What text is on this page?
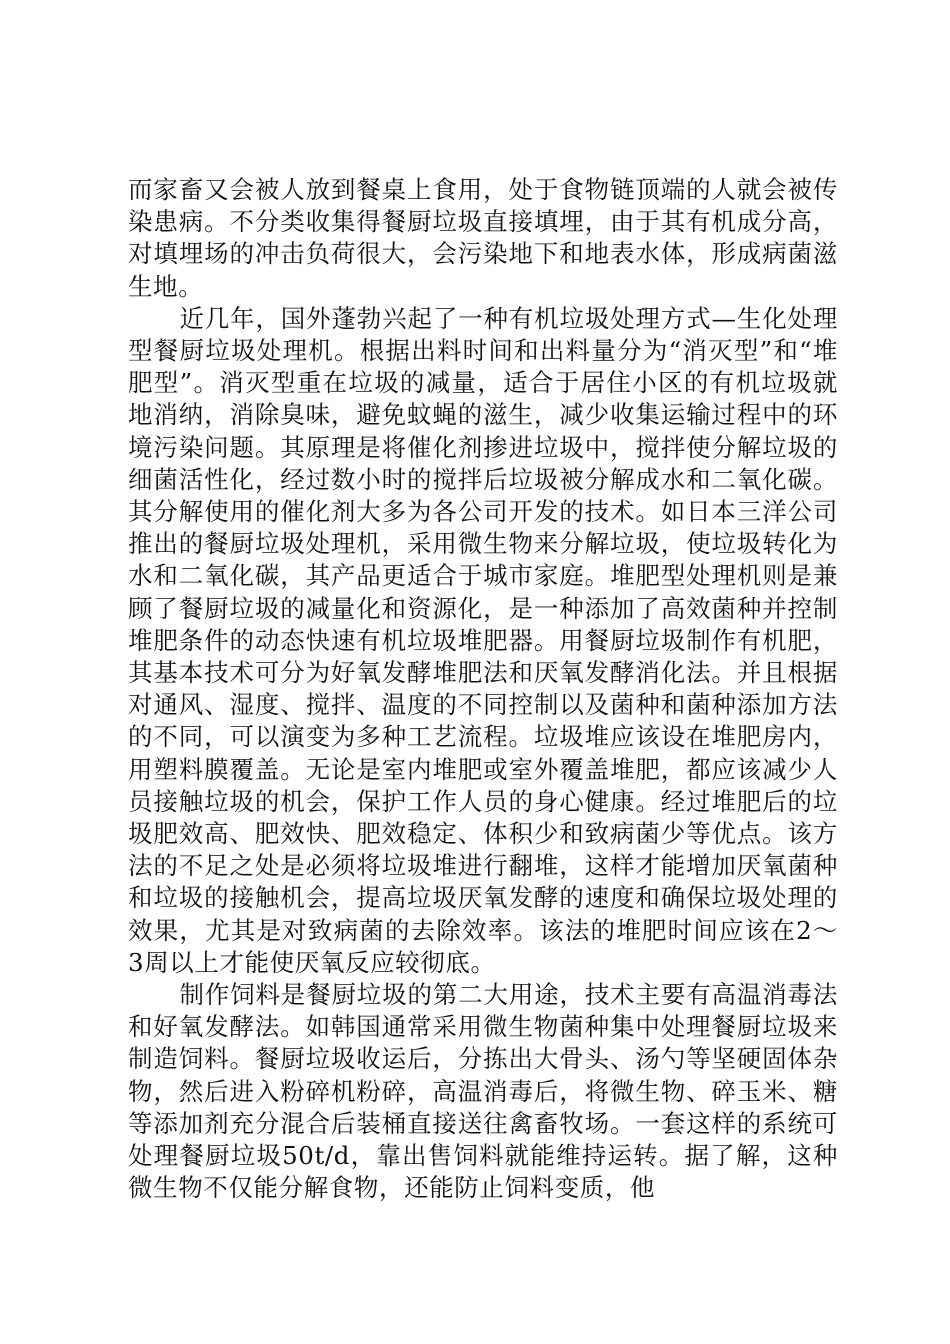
而家畜又会被人放到餐桌上食用，处于食物链顶端的人就会被传染患病。不分类收集得餐厨垃圾直接填埋，由于其有机成分高，对填埋场的冲击负荷很大，会污染地下和地表水体，形成病菌滋生地。

近几年，国外蓬勃兴起了一种有机垃圾处理方式—生化处理型餐厨垃圾处理机。根据出料时间和出料量分为“消灭型”和“堆肥型”。消灭型重在垃圾的减量，适合于居住小区的有机垃圾就地消纳，消除臭味，避免蚊蝇的滋生，减少收集运输过程中的环境污染问题。其原理是将催化剂掺进垃圾中，搅拌使分解垃圾的细菌活性化，经过数小时的搅拌后垃圾被分解成水和二氧化碳。其分解使用的催化剂大多为各公司开发的技术。如日本三洋公司推出的餐厨垃圾处理机，采用微生物来分解垃圾，使垃圾转化为水和二氧化碳，其产品更适合于城市家庭。堆肥型处理机则是兼顾了餐厨垃圾的减量化和资源化，是一种添加了高效菌种并控制堆肥条件的动态快速有机垃圾堆肥器。用餐厨垃圾制作有机肥，其基本技术可分为好氧发酵堆肥法和厌氧发酵消化法。并且根据对通风、湿度、搅拌、温度的不同控制以及菌种和菌种添加方法的不同，可以演变为多种工艺流程。垃圾堆应该设在堆肥房内，用塑料膜覆盖。无论是室内堆肥或室外覆盖堆肥，都应该减少人员接触垃圾的机会，保护工作人员的身心健康。经过堆肥后的垃圾肥效高、肥效快、肥效稳定、体积少和致病菌少等优点。该方法的不足之处是必须将垃圾堆进行翻堆，这样才能增加厌氧菌种和垃圾的接触机会，提高垃圾厌氧发酵的速度和确保垃圾处理的效果，尤其是对致病菌的去除效率。该法的堆肥时间应该在2～3周以上才能使厌氧反应较彻底。

制作饲料是餐厨垃圾的第二大用途，技术主要有高温消毒法和好氧发酵法。如韩国通常采用微生物菌种集中处理餐厨垃圾来制造饲料。餐厨垃圾收运后，分拣出大骨头、汤勺等坚硬固体杂物，然后进入粉碎机粉碎，高温消毒后，将微生物、碎玉米、糖等添加剂充分混合后装桶直接送往禽畜牧场。一套这样的系统可处理餐厨垃圾50t/d，靠出售饲料就能维持运转。据了解，这种微生物不仅能分解食物，还能防止饲料变质，他
